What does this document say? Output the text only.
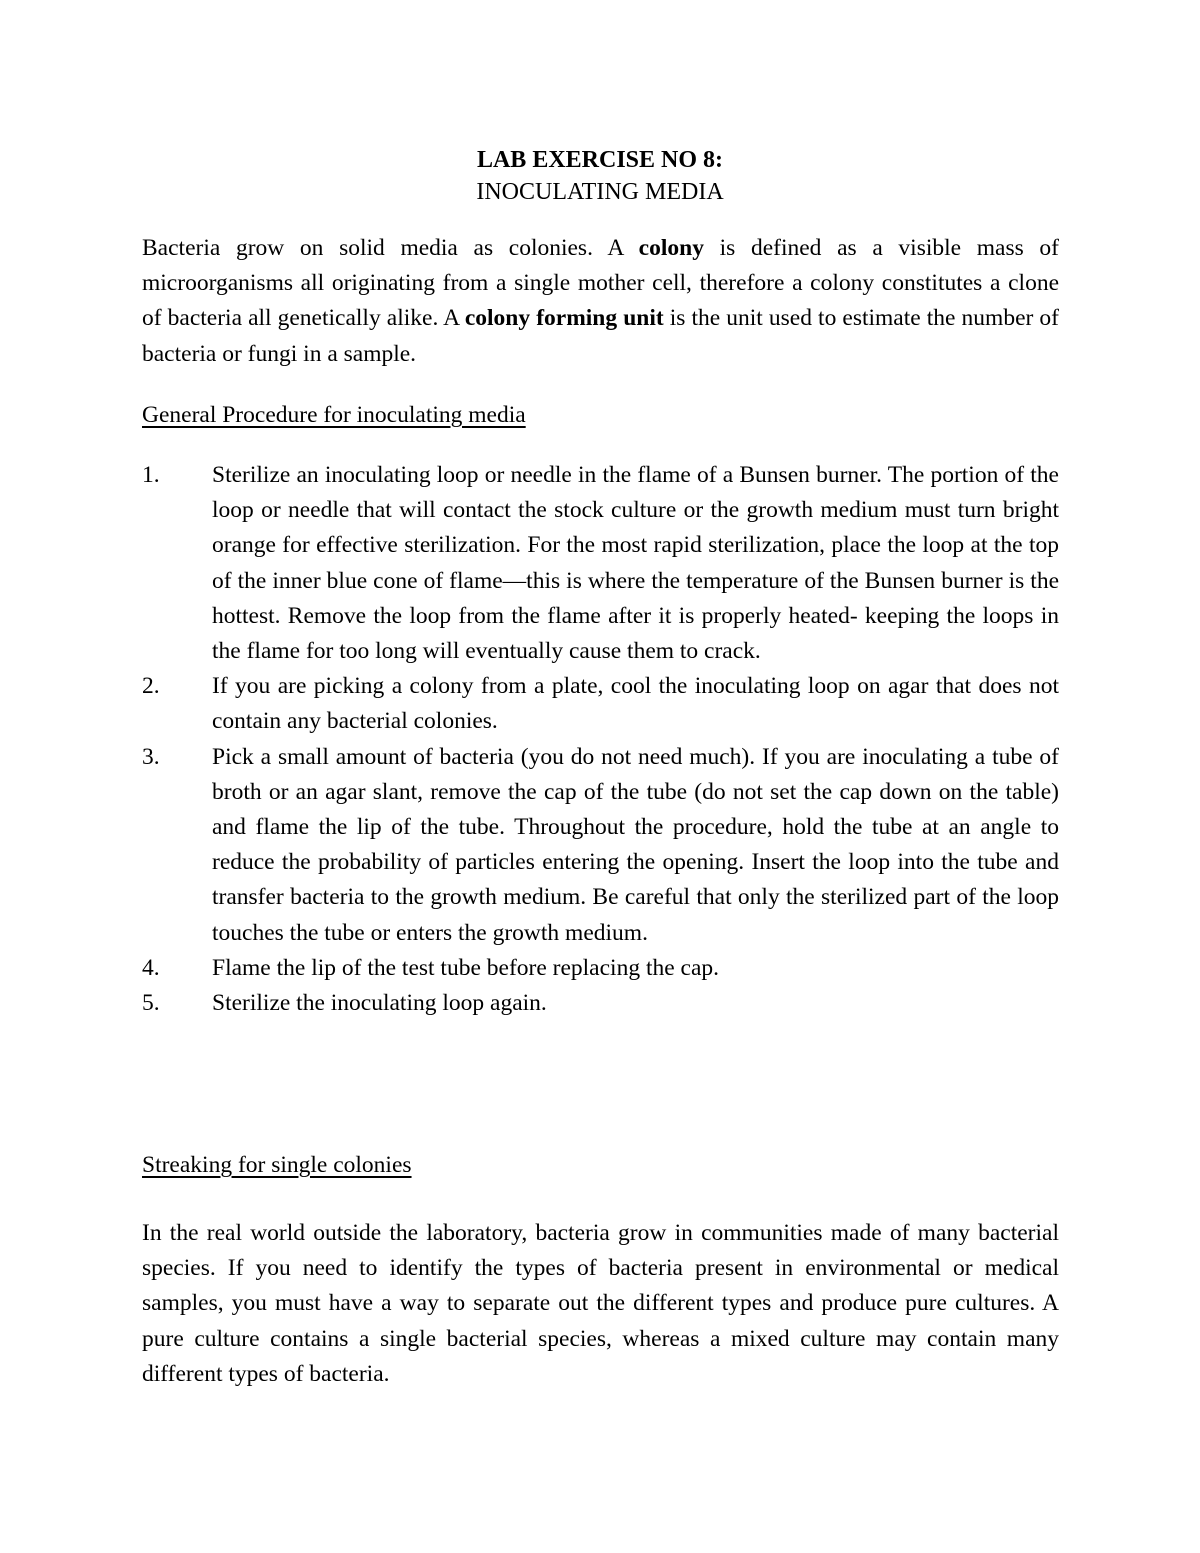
LAB EXERCISE NO 8:
INOCULATING MEDIA

Bacteria grow on solid media as colonies. A colony is defined as a visible mass of microorganisms all originating from a single mother cell, therefore a colony constitutes a clone of bacteria all genetically alike. A colony forming unit is the unit used to estimate the number of bacteria or fungi in a sample.

General Procedure for inoculating media
1. Sterilize an inoculating loop or needle in the flame of a Bunsen burner. The portion of the loop or needle that will contact the stock culture or the growth medium must turn bright orange for effective sterilization. For the most rapid sterilization, place the loop at the top of the inner blue cone of flame—this is where the temperature of the Bunsen burner is the hottest. Remove the loop from the flame after it is properly heated- keeping the loops in the flame for too long will eventually cause them to crack.
2. If you are picking a colony from a plate, cool the inoculating loop on agar that does not contain any bacterial colonies.
3. Pick a small amount of bacteria (you do not need much). If you are inoculating a tube of broth or an agar slant, remove the cap of the tube (do not set the cap down on the table) and flame the lip of the tube. Throughout the procedure, hold the tube at an angle to reduce the probability of particles entering the opening. Insert the loop into the tube and transfer bacteria to the growth medium. Be careful that only the sterilized part of the loop touches the tube or enters the growth medium.
4. Flame the lip of the test tube before replacing the cap.
5. Sterilize the inoculating loop again.
Streaking for single colonies

In the real world outside the laboratory, bacteria grow in communities made of many bacterial species. If you need to identify the types of bacteria present in environmental or medical samples, you must have a way to separate out the different types and produce pure cultures. A pure culture contains a single bacterial species, whereas a mixed culture may contain many different types of bacteria.
